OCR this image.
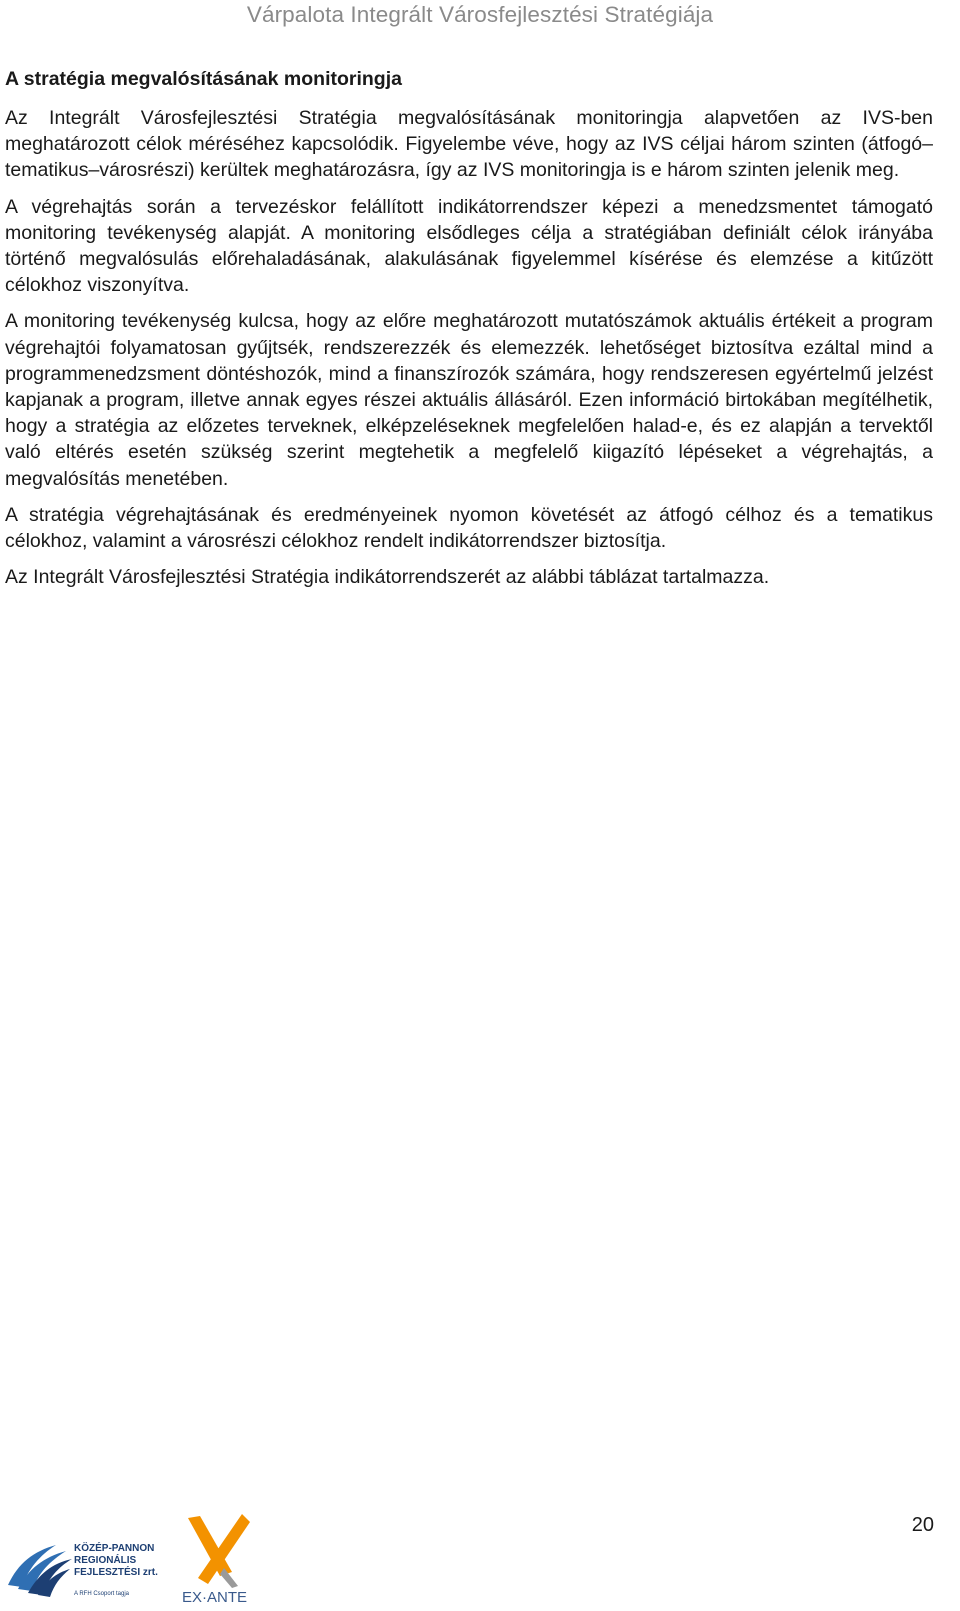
Várpalota Integrált Városfejlesztési Stratégiája
A stratégia megvalósításának monitoringja

Az Integrált Városfejlesztési Stratégia megvalósításának monitoringja alapvetően az IVS-ben meghatározott célok méréséhez kapcsolódik. Figyelembe véve, hogy az IVS céljai három szinten (átfogó–tematikus–városrészi) kerültek meghatározásra, így az IVS monitoringja is e három szinten jelenik meg.

A végrehajtás során a tervezéskor felállított indikátorrendszer képezi a menedzsmentet támogató monitoring tevékenység alapját. A monitoring elsődleges célja a stratégiában definiált célok irányába történő megvalósulás előrehaladásának, alakulásának figyelemmel kísérése és elemzése a kitűzött célokhoz viszonyítva.

A monitoring tevékenység kulcsa, hogy az előre meghatározott mutatószámok aktuális értékeit a program végrehajtói folyamatosan gyűjtsék, rendszerezzék és elemezzék. lehetőséget biztosítva ezáltal mind a programmenedzsment döntéshozók, mind a finanszírozók számára, hogy rendszeresen egyértelmű jelzést kapjanak a program, illetve annak egyes részei aktuális állásáról. Ezen információ birtokában megítélhetik, hogy a stratégia az előzetes terveknek, elképzeléseknek megfelelően halad-e, és ez alapján a tervektől való eltérés esetén szükség szerint megtehetik a megfelelő kiigazító lépéseket a végrehajtás, a megvalósítás menetében.

A stratégia végrehajtásának és eredményeinek nyomon követését az átfogó célhoz és a tematikus célokhoz, valamint a városrészi célokhoz rendelt indikátorrendszer biztosítja.

Az Integrált Városfejlesztési Stratégia indikátorrendszerét az alábbi táblázat tartalmazza.

20
KÖZÉP-PANNON
REGIONÁLIS
FEJLESZTÉSI zrt.
A RFH Csoport tagja	EX·ANTE
